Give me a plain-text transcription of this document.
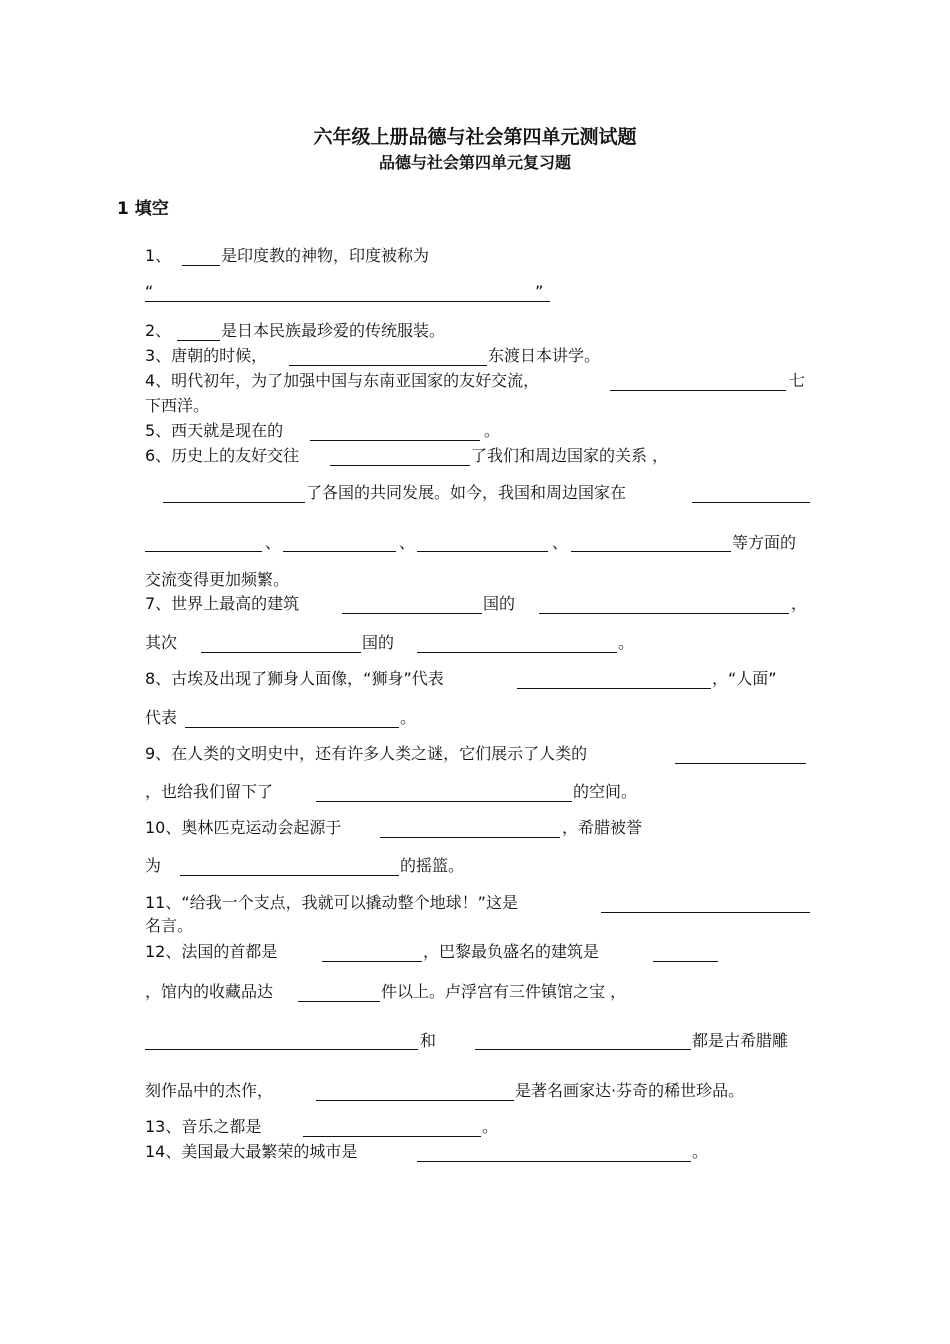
六年级上册品德与社会第四单元测试题
品德与社会第四单元复习题
1 填空
1、	是印度教的神物，印度被称为
“	”
2、	是日本民族最珍爱的传统服装。
3、唐朝的时候，	东渡日本讲学。
4、明代初年，为了加强中国与东南亚国家的友好交流，	七
下西洋。
5、西天就是现在的	。
6、历史上的友好交往	了我们和周边国家的关系 ，
了各国的共同发展。如今，我国和周边国家在
、	、	、	等方面的
交流变得更加频繁。
7、世界上最高的建筑	国的	，
其次	国的	。
8、古埃及出现了狮身人面像，“狮身”代表	，“人面”
代表	。
9、在人类的文明史中，还有许多人类之谜，它们展示了人类的
，也给我们留下了	的空间。
10、奥林匹克运动会起源于	，希腊被誉
为	的摇篮。
11、“给我一个支点，我就可以撬动整个地球！”这是
名言。
12、法国的首都是	，巴黎最负盛名的建筑是
，馆内的收藏品达	件以上。卢浮宫有三件镇馆之宝 ，
和	都是古希腊雕
刻作品中的杰作，	是著名画家达·芬奇的稀世珍品。
13、音乐之都是	。
14、美国最大最繁荣的城市是	。
